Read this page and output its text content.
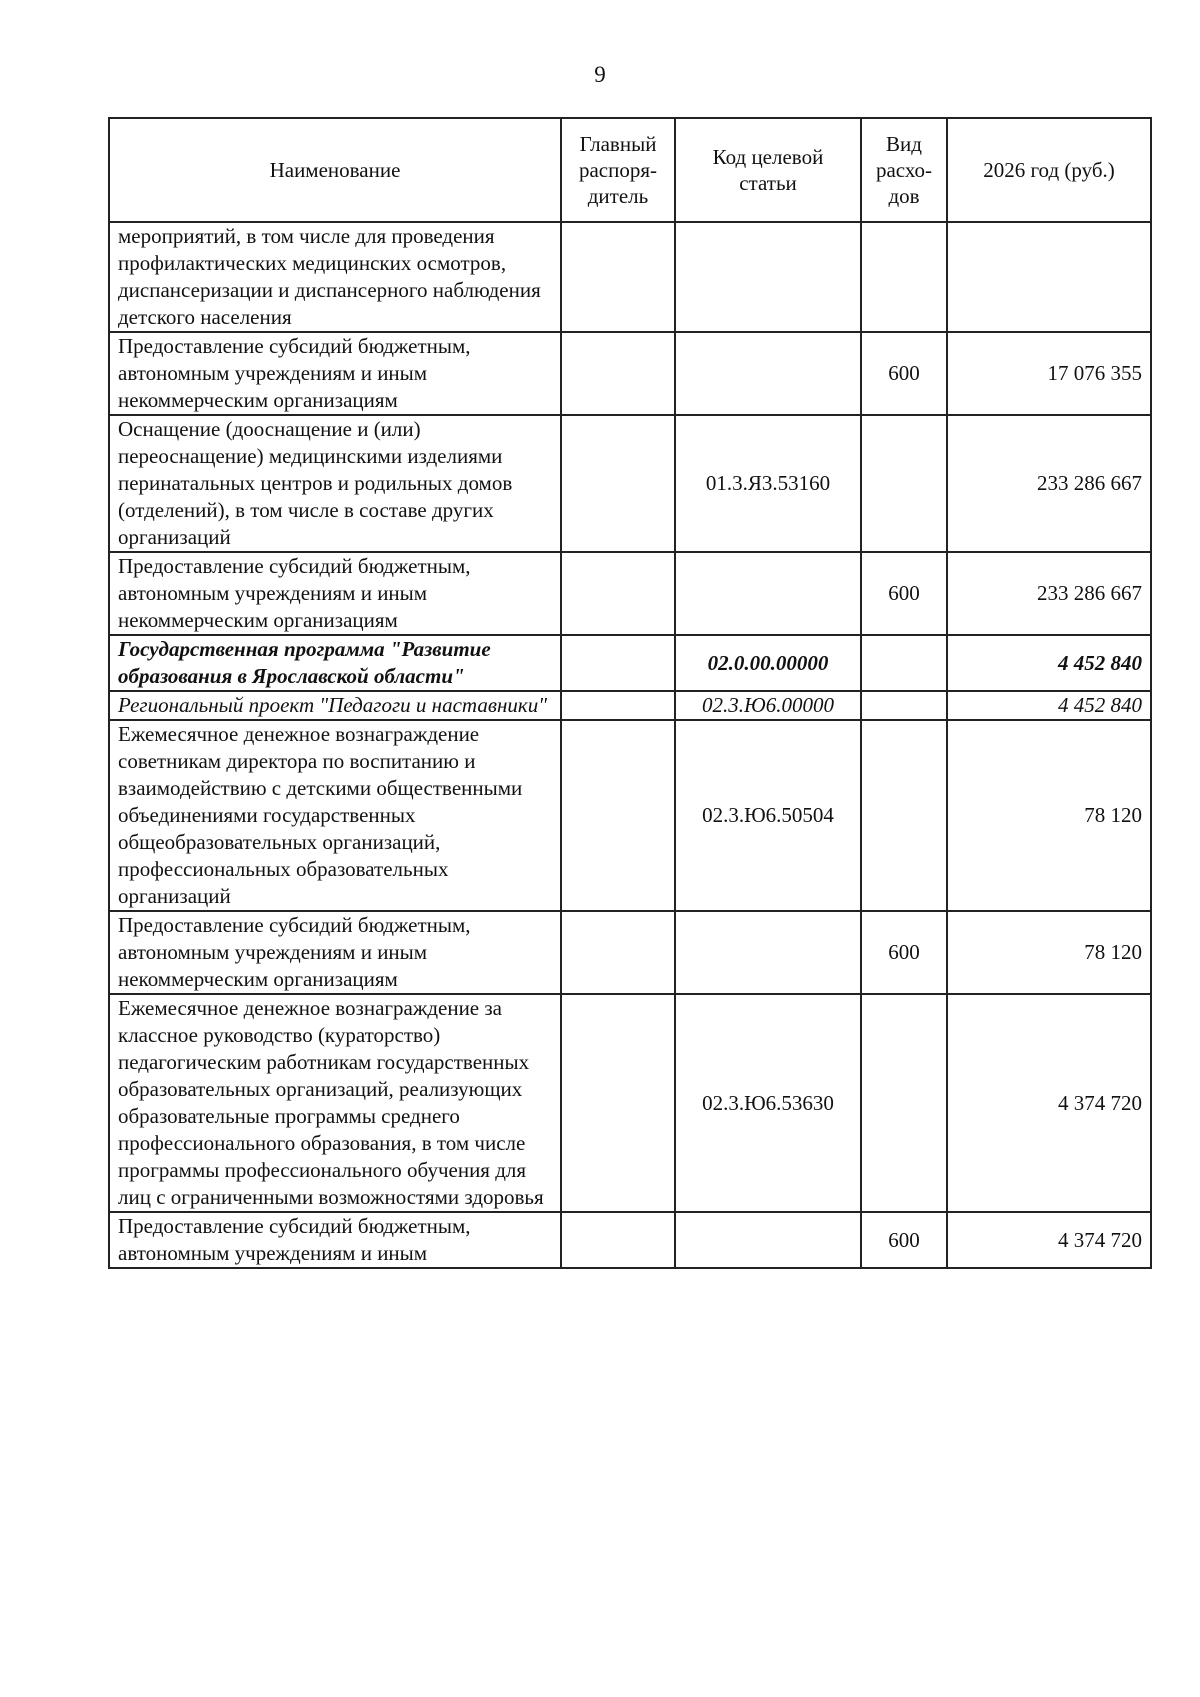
9
Наименование	Главный распоря-дитель	Код целевой статьи	Вид расхо-дов	2026 год (руб.)
мероприятий, в том числе для проведения профилактических медицинских осмотров, диспансеризации и диспансерного наблюдения детского населения				
Предоставление субсидий бюджетным, автономным учреждениям и иным некоммерческим организациям			600	17 076 355
Оснащение (дооснащение и (или) переоснащение) медицинскими изделиями перинатальных центров и родильных домов (отделений), в том числе в составе других организаций		01.3.Я3.53160		233 286 667
Предоставление субсидий бюджетным, автономным учреждениям и иным некоммерческим организациям			600	233 286 667
Государственная программа "Развитие образования в Ярославской области"		02.0.00.00000		4 452 840
Региональный проект "Педагоги и наставники"		02.3.Ю6.00000		4 452 840
Ежемесячное денежное вознаграждение советникам директора по воспитанию и взаимодействию с детскими общественными объединениями государственных общеобразовательных организаций, профессиональных образовательных организаций		02.3.Ю6.50504		78 120
Предоставление субсидий бюджетным, автономным учреждениям и иным некоммерческим организациям			600	78 120
Ежемесячное денежное вознаграждение за классное руководство (кураторство) педагогическим работникам государственных образовательных организаций, реализующих образовательные программы среднего профессионального образования, в том числе программы профессионального обучения для лиц с ограниченными возможностями здоровья		02.3.Ю6.53630		4 374 720
Предоставление субсидий бюджетным, автономным учреждениям и иным			600	4 374 720
